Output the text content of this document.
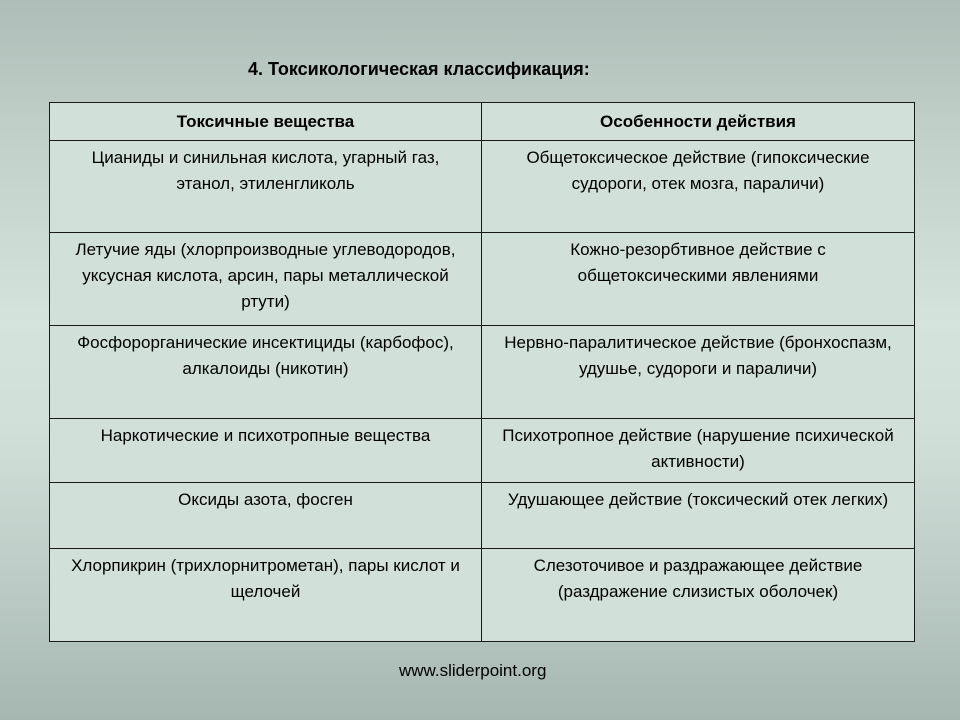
4. Токсикологическая классификация:
Токсичные вещества	Особенности действия
Цианиды и синильная кислота, угарный газ, этанол, этиленгликоль	Общетоксическое действие (гипоксические судороги, отек мозга, параличи)
Летучие яды (хлорпроизводные углеводородов, уксусная кислота, арсин, пары металлической ртути)	Кожно-резорбтивное действие с общетоксическими явлениями
Фосфорорганические инсектициды (карбофос), алкалоиды (никотин)	Нервно-паралитическое действие (бронхоспазм, удушье, судороги и параличи)
Наркотические и психотропные вещества	Психотропное действие (нарушение психической активности)
Оксиды азота, фосген	Удушающее действие (токсический отек легких)
Хлорпикрин (трихлорнитрометан), пары кислот и щелочей	Слезоточивое и раздражающее действие (раздражение слизистых оболочек)
www.sliderpoint.org
